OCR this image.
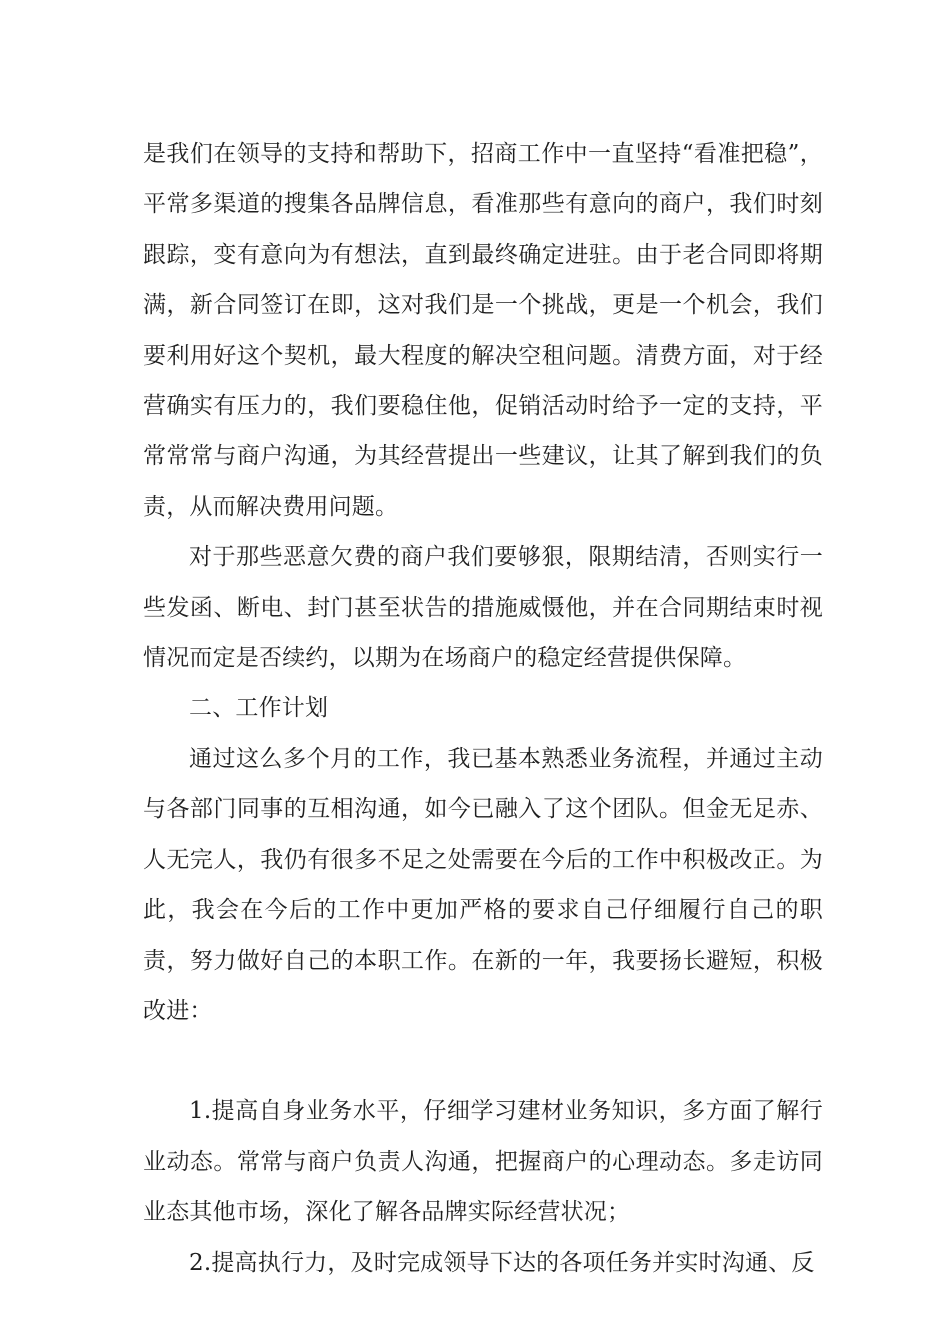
是我们在领导的支持和帮助下，招商工作中一直坚持“看准把稳”，平常多渠道的搜集各品牌信息，看准那些有意向的商户，我们时刻跟踪，变有意向为有想法，直到最终确定进驻。由于老合同即将期满，新合同签订在即，这对我们是一个挑战，更是一个机会，我们要利用好这个契机，最大程度的解决空租问题。清费方面，对于经营确实有压力的，我们要稳住他，促销活动时给予一定的支持，平常常常与商户沟通，为其经营提出一些建议，让其了解到我们的负责，从而解决费用问题。

对于那些恶意欠费的商户我们要够狠，限期结清，否则实行一些发函、断电、封门甚至状告的措施威慑他，并在合同期结束时视情况而定是否续约，以期为在场商户的稳定经营提供保障。

二、工作计划

通过这么多个月的工作，我已基本熟悉业务流程，并通过主动与各部门同事的互相沟通，如今已融入了这个团队。但金无足赤、人无完人，我仍有很多不足之处需要在今后的工作中积极改正。为此，我会在今后的工作中更加严格的要求自己仔细履行自己的职责，努力做好自己的本职工作。在新的一年，我要扬长避短，积极改进：

1.提高自身业务水平，仔细学习建材业务知识，多方面了解行业动态。常常与商户负责人沟通，把握商户的心理动态。多走访同业态其他市场，深化了解各品牌实际经营状况；

2.提高执行力，及时完成领导下达的各项任务并实时沟通、反
